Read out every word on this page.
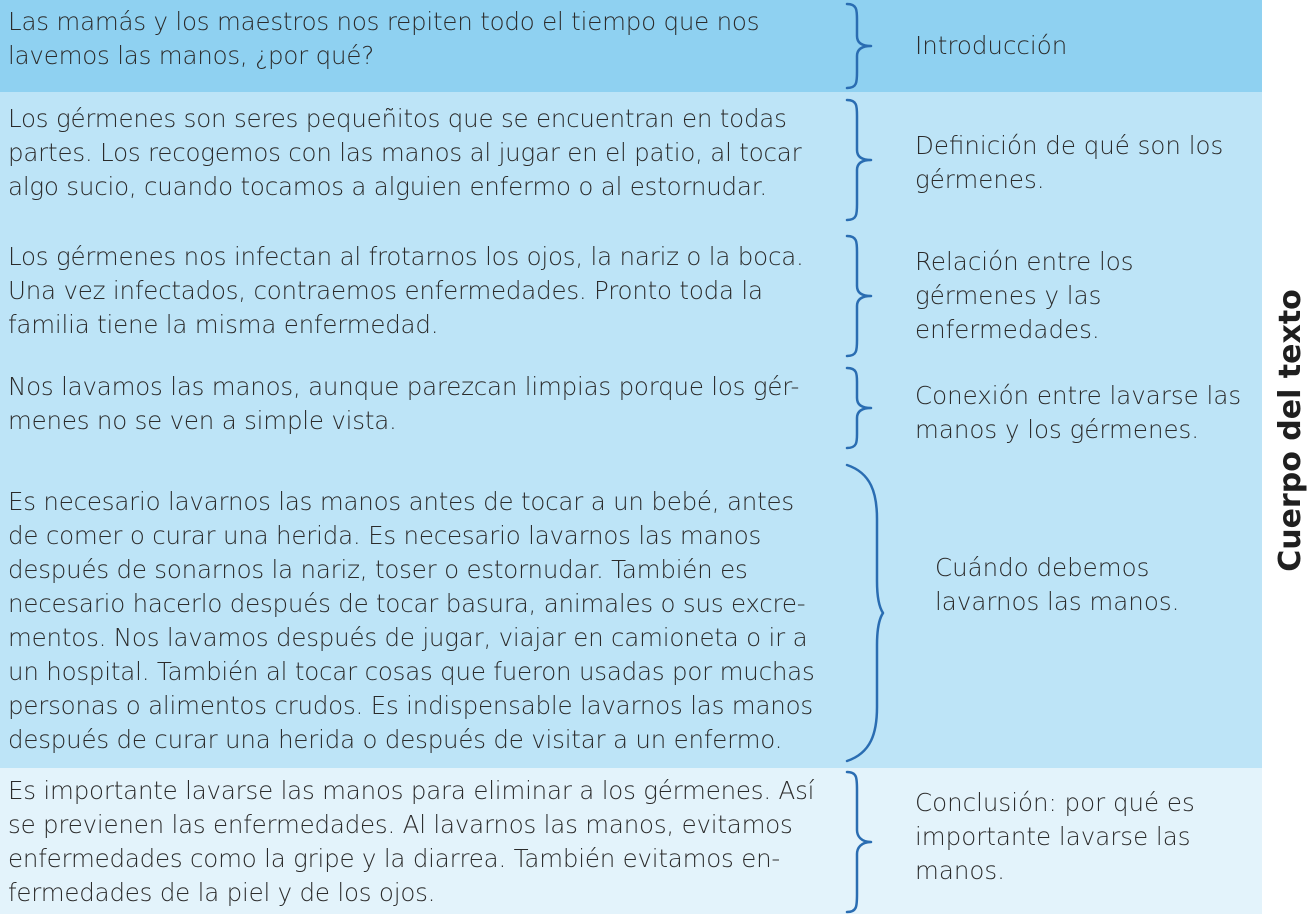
Las mamás y los maestros nos repiten todo el tiempo que nos
lavemos las manos, ¿por qué?	Introducción

Los gérmenes son seres pequeñitos que se encuentran en todas
partes. Los recogemos con las manos al jugar en el patio, al tocar
algo sucio, cuando tocamos a alguien enfermo o al estornudar.

Definición de qué son los
gérmenes.

Los gérmenes nos infectan al frotarnos los ojos, la nariz o la boca.
Una vez infectados, contraemos enfermedades. Pronto toda la
familia tiene la misma enfermedad.

Relación entre los
gérmenes y las
enfermedades.

Nos lavamos las manos, aunque parezcan limpias porque los gér-
menes no se ven a simple vista.

Conexión entre lavarse las
manos y los gérmenes.

Es necesario lavarnos las manos antes de tocar a un bebé, antes
de comer o curar una herida. Es necesario lavarnos las manos
después de sonarnos la nariz, toser o estornudar. También es
necesario hacerlo después de tocar basura, animales o sus excre-
mentos. Nos lavamos después de jugar, viajar en camioneta o ir a
un hospital. También al tocar cosas que fueron usadas por muchas
personas o alimentos crudos. Es indispensable lavarnos las manos
después de curar una herida o después de visitar a un enfermo.

Cuándo debemos
lavarnos las manos.

Es importante lavarse las manos para eliminar a los gérmenes. Así
se previenen las enfermedades. Al lavarnos las manos, evitamos
enfermedades como la gripe y la diarrea. También evitamos en-
fermedades de la piel y de los ojos.

Conclusión: por qué es
importante lavarse las
manos.

Cuerpo del texto
